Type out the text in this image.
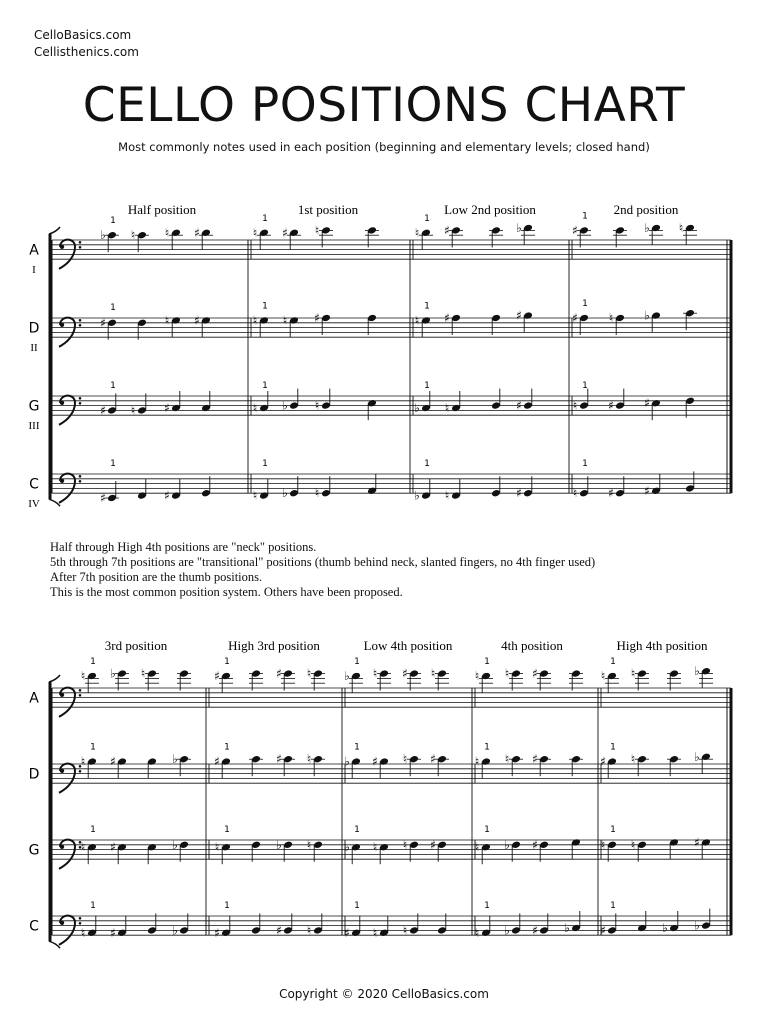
CelloBasics.com
Cellisthenics.com
CELLO POSITIONS CHART
Most commonly notes used in each position (beginning and elementary levels; closed hand)
Half through High 4th positions are "neck" positions.
5th through 7th positions are "transitional" positions (thumb behind neck, slanted fingers, no 4th finger used)
After 7th position are the thumb positions.
This is the most common position system. Others have been proposed.
Copyright © 2020 CelloBasics.com
Half position	1st position	Low 2nd position	2nd position
A
I
♭
1
♮ ♮ ♯	♮
1
♯ ♮	♮
1
♯	♭	♯
1
♭ ♮
D
II
♯
1
♮ ♯	♮
1
♮ ♯	♮
1
♯	♯	♯
1
♮	♭
G
III
♯
1
♮ ♯	♮
1
♭ ♮	♭
1
♮	♯	♮
1
♯	♯
C
IV	♯
1
♯	♮
1
♭ ♮	♭
1
♮	♯	♮
1
♯	♯
3rd position	High 3rd position	Low 4th position	4th position	High 4th position
A
♮
1
♭ ♮	♯
1
♯ ♮	♭
1
♮ ♯ ♮	♮
1
♮ ♯	♮
1
♮	♭
D
♮
1
♯	♭	♯
1
♯ ♮	♭
1
♯ ♮ ♯	♮
1
♮ ♯	♯
1
♮	♭
G	♮
1
♯	♭	♮
1
♭ ♮	♭
1
♮ ♮ ♯	♮
1
♭ ♯	♮
1
♮	♯
C	♮
1
♯	♭	♯
1
♯ ♮	♯
1
♮ ♮	♮
1
♭ ♯ ♭	♯
1
♭ ♭
